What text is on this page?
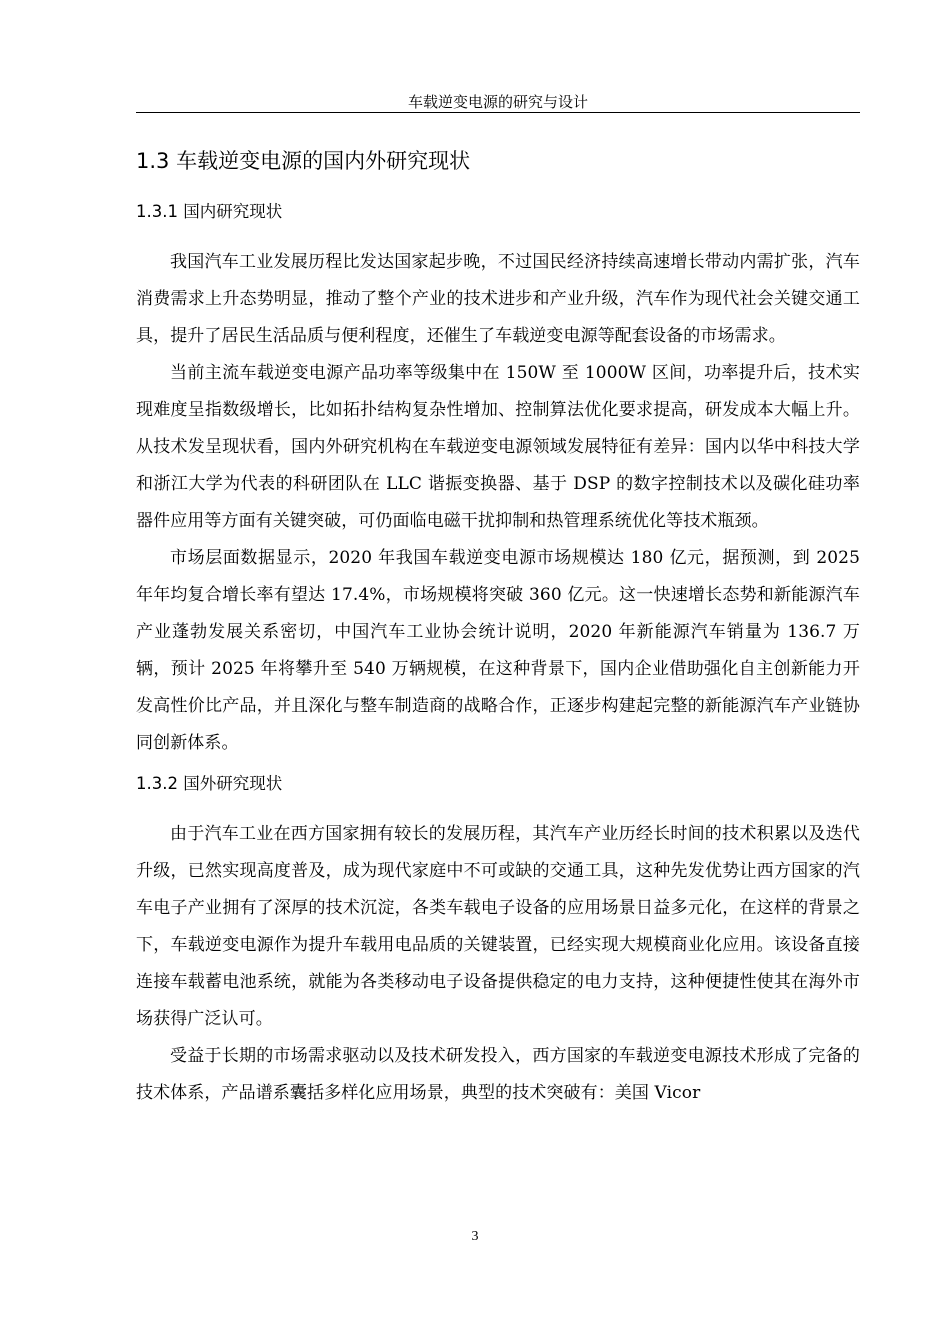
车载逆变电源的研究与设计
1.3 车载逆变电源的国内外研究现状
1.3.1 国内研究现状

我国汽车工业发展历程比发达国家起步晚，不过国民经济持续高速增长带动内需扩张，汽车消费需求上升态势明显，推动了整个产业的技术进步和产业升级，汽车作为现代社会关键交通工具，提升了居民生活品质与便利程度，还催生了车载逆变电源等配套设备的市场需求。

当前主流车载逆变电源产品功率等级集中在 150W 至 1000W 区间，功率提升后，技术实现难度呈指数级增长，比如拓扑结构复杂性增加、控制算法优化要求提高，研发成本大幅上升。从技术发呈现状看，国内外研究机构在车载逆变电源领域发展特征有差异：国内以华中科技大学和浙江大学为代表的科研团队在 LLC 谐振变换器、基于 DSP 的数字控制技术以及碳化硅功率器件应用等方面有关键突破，可仍面临电磁干扰抑制和热管理系统优化等技术瓶颈。

市场层面数据显示，2020 年我国车载逆变电源市场规模达 180 亿元，据预测，到 2025 年年均复合增长率有望达 17.4%，市场规模将突破 360 亿元。这一快速增长态势和新能源汽车产业蓬勃发展关系密切，中国汽车工业协会统计说明，2020 年新能源汽车销量为 136.7 万辆，预计 2025 年将攀升至 540 万辆规模，在这种背景下，国内企业借助强化自主创新能力开发高性价比产品，并且深化与整车制造商的战略合作，正逐步构建起完整的新能源汽车产业链协同创新体系。

1.3.2 国外研究现状

由于汽车工业在西方国家拥有较长的发展历程，其汽车产业历经长时间的技术积累以及迭代升级，已然实现高度普及，成为现代家庭中不可或缺的交通工具，这种先发优势让西方国家的汽车电子产业拥有了深厚的技术沉淀，各类车载电子设备的应用场景日益多元化，在这样的背景之下，车载逆变电源作为提升车载用电品质的关键装置，已经实现大规模商业化应用。该设备直接连接车载蓄电池系统，就能为各类移动电子设备提供稳定的电力支持，这种便捷性使其在海外市场获得广泛认可。

受益于长期的市场需求驱动以及技术研发投入，西方国家的车载逆变电源技术形成了完备的技术体系，产品谱系囊括多样化应用场景，典型的技术突破有：美国 Vicor

3
